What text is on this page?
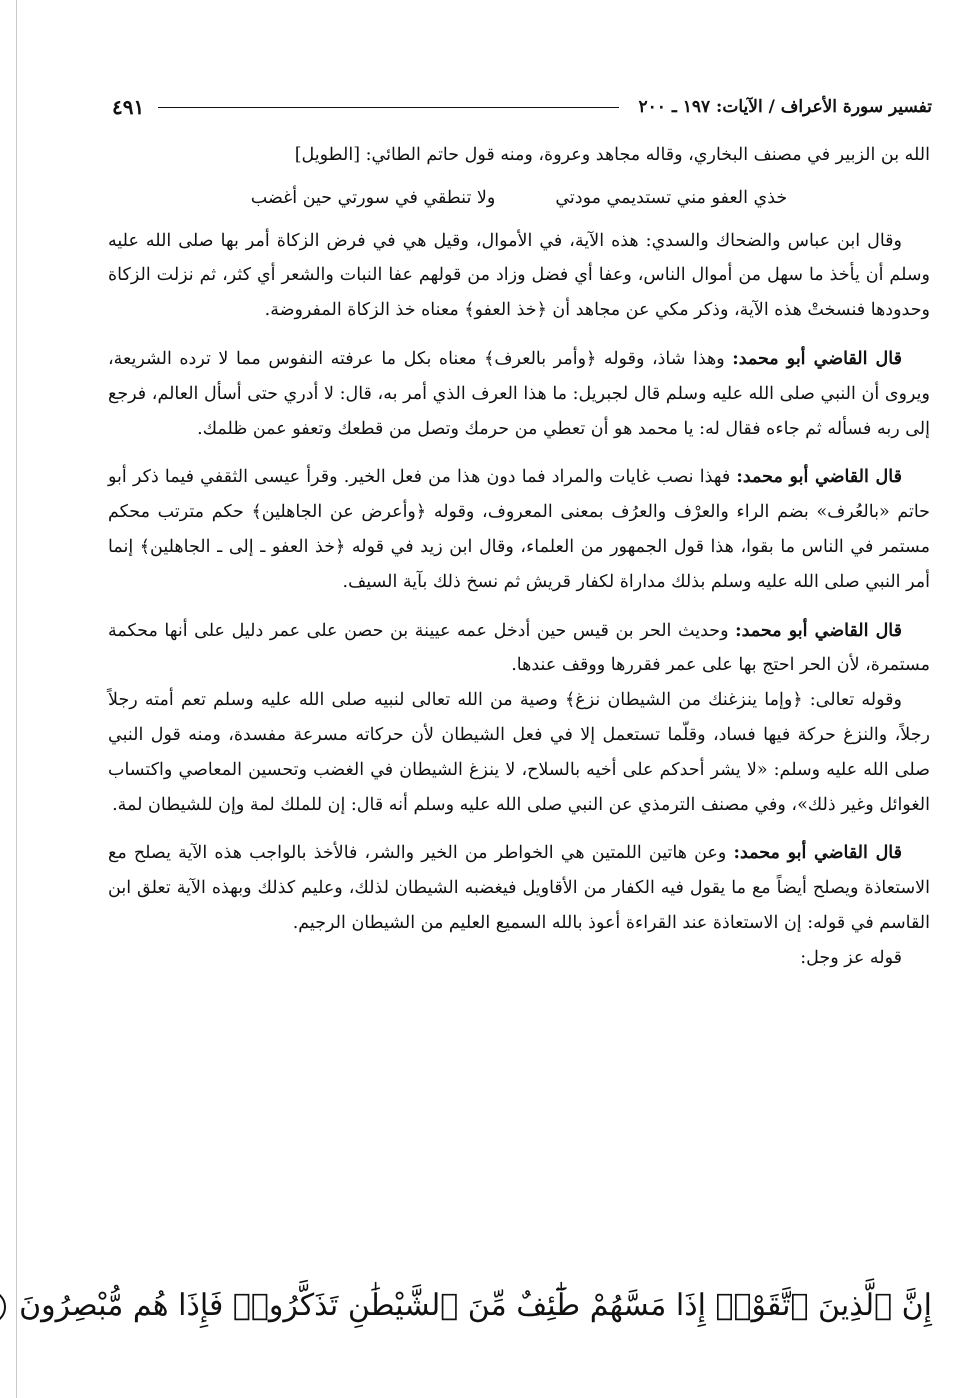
تفسير سورة الأعراف / الآيات: ١٩٧ ـ ٢٠٠
٤٩١

الله بن الزبير في مصنف البخاري، وقاله مجاهد وعروة، ومنه قول حاتم الطائي: [الطويل]

خذي العفو مني تستديمي مودتي
ولا تنطقي في سورتي حين أغضب

وقال ابن عباس والضحاك والسدي: هذه الآية، في الأموال، وقيل هي في فرض الزكاة أمر بها صلى الله عليه وسلم أن يأخذ ما سهل من أموال الناس، وعفا أي فضل وزاد من قولهم عفا النبات والشعر أي كثر، ثم نزلت الزكاة وحدودها فنسختْ هذه الآية، وذكر مكي عن مجاهد أن ﴿خذ العفو﴾ معناه خذ الزكاة المفروضة.

قال القاضي أبو محمد: وهذا شاذ، وقوله ﴿وأمر بالعرف﴾ معناه بكل ما عرفته النفوس مما لا ترده الشريعة، ويروى أن النبي صلى الله عليه وسلم قال لجبريل: ما هذا العرف الذي أمر به، قال: لا أدري حتى أسأل العالم، فرجع إلى ربه فسأله ثم جاءه فقال له: يا محمد هو أن تعطي من حرمك وتصل من قطعك وتعفو عمن ظلمك.

قال القاضي أبو محمد: فهذا نصب غايات والمراد فما دون هذا من فعل الخير. وقرأ عيسى الثقفي فيما ذكر أبو حاتم «بالعُرف» بضم الراء والعرْف والعرُف بمعنى المعروف، وقوله ﴿وأعرض عن الجاهلين﴾ حكم مترتب محكم مستمر في الناس ما بقوا، هذا قول الجمهور من العلماء، وقال ابن زيد في قوله ﴿خذ العفو ـ إلى ـ الجاهلين﴾ إنما أمر النبي صلى الله عليه وسلم بذلك مداراة لكفار قريش ثم نسخ ذلك بآية السيف.

قال القاضي أبو محمد: وحديث الحر بن قيس حين أدخل عمه عيينة بن حصن على عمر دليل على أنها محكمة مستمرة، لأن الحر احتج بها على عمر فقررها ووقف عندها.

وقوله تعالى: ﴿وإما ينزغنك من الشيطان نزغ﴾ وصية من الله تعالى لنبيه صلى الله عليه وسلم تعم أمته رجلاً رجلاً، والنزغ حركة فيها فساد، وقلّما تستعمل إلا في فعل الشيطان لأن حركاته مسرعة مفسدة، ومنه قول النبي صلى الله عليه وسلم: «لا يشر أحدكم على أخيه بالسلاح، لا ينزغ الشيطان في الغضب وتحسين المعاصي واكتساب الغوائل وغير ذلك»، وفي مصنف الترمذي عن النبي صلى الله عليه وسلم أنه قال: إن للملك لمة وإن للشيطان لمة.

قال القاضي أبو محمد: وعن هاتين اللمتين هي الخواطر من الخير والشر، فالأخذ بالواجب هذه الآية يصلح مع الاستعاذة ويصلح أيضاً مع ما يقول فيه الكفار من الأقاويل فيغضبه الشيطان لذلك، وعليم كذلك وبهذه الآية تعلق ابن القاسم في قوله: إن الاستعاذة عند القراءة أعوذ بالله السميع العليم من الشيطان الرجيم.

قوله عز وجل:

إِنَّ ٱلَّذِينَ ٱتَّقَوْا۟ إِذَا مَسَّهُمْ طَٰٓئِفٌ مِّنَ ٱلشَّيْطَٰنِ تَذَكَّرُوا۟ فَإِذَا هُم مُّبْصِرُونَ
